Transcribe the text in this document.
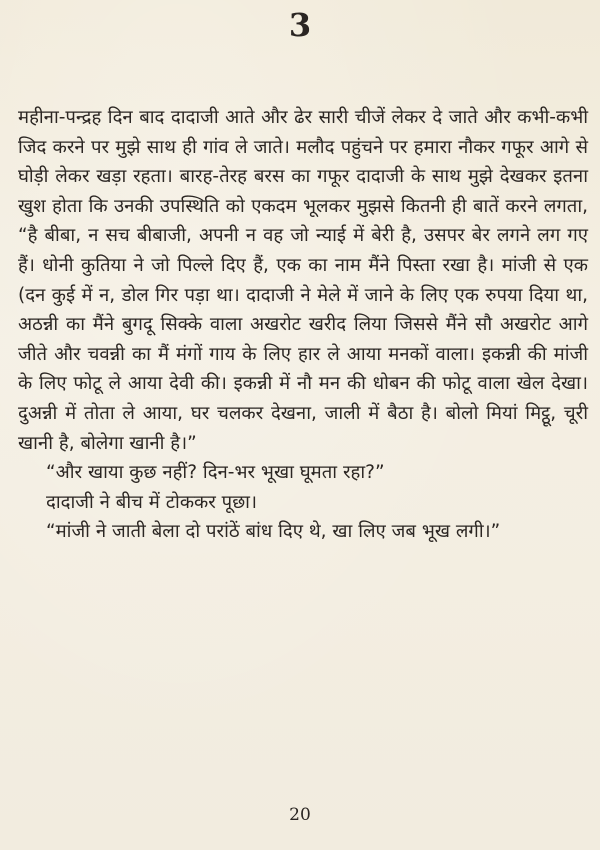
3

महीना-पन्द्रह दिन बाद दादाजी आते और ढेर सारी चीजें लेकर दे जाते और कभी-कभी जिद करने पर मुझे साथ ही गांव ले जाते। मलौद पहुंचने पर हमारा नौकर गफूर आगे से घोड़ी लेकर खड़ा रहता। बारह-तेरह बरस का गफूर दादाजी के साथ मुझे देखकर इतना खुश होता कि उनकी उपस्थिति को एकदम भूलकर मुझसे कितनी ही बातें करने लगता, “है बीबा, न सच बीबाजी, अपनी न वह जो न्याई में बेरी है, उसपर बेर लगने लग गए हैं। धोनी कुतिया ने जो पिल्ले दिए हैं, एक का नाम मैंने पिस्ता रखा है। मांजी से एक (दन कुई में न, डोल गिर पड़ा था। दादाजी ने मेले में जाने के लिए एक रुपया दिया था, अठन्नी का मैंने बुगदू सिक्के वाला अखरोट खरीद लिया जिससे मैंने सौ अखरोट आगे जीते और चवन्नी का मैं मंगों गाय के लिए हार ले आया मनकों वाला। इकन्नी की मांजी के लिए फोटू ले आया देवी की। इकन्नी में नौ मन की धोबन की फोटू वाला खेल देखा। दुअन्नी में तोता ले आया, घर चलकर देखना, जाली में बैठा है। बोलो मियां मिट्ठू, चूरी खानी है, बोलेगा खानी है।”

“और खाया कुछ नहीं? दिन-भर भूखा घूमता रहा?”

दादाजी ने बीच में टोककर पूछा।

“मांजी ने जाती बेला दो परांठें बांध दिए थे, खा लिए जब भूख लगी।”

20
